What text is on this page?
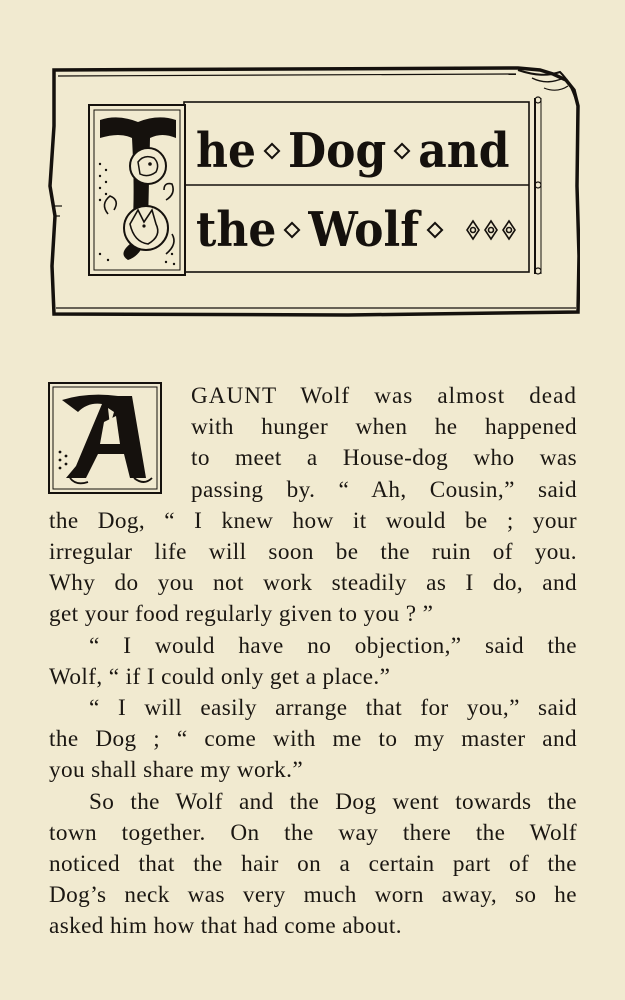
he Dog and
the Wolf

GAUNT Wolf was almost dead
with hunger when he happened
to meet a House-dog who was
passing by. “ Ah, Cousin,” said
the Dog, “ I knew how it would be ; your
irregular life will soon be the ruin of you.
Why do you not work steadily as I do, and
get your food regularly given to you ? ”

“ I would have no objection,” said the
Wolf, “ if I could only get a place.”

“ I will easily arrange that for you,” said
the Dog ; “ come with me to my master and
you shall share my work.”

So the Wolf and the Dog went towards the
town together. On the way there the Wolf
noticed that the hair on a certain part of the
Dog’s neck was very much worn away, so he
asked him how that had come about.
